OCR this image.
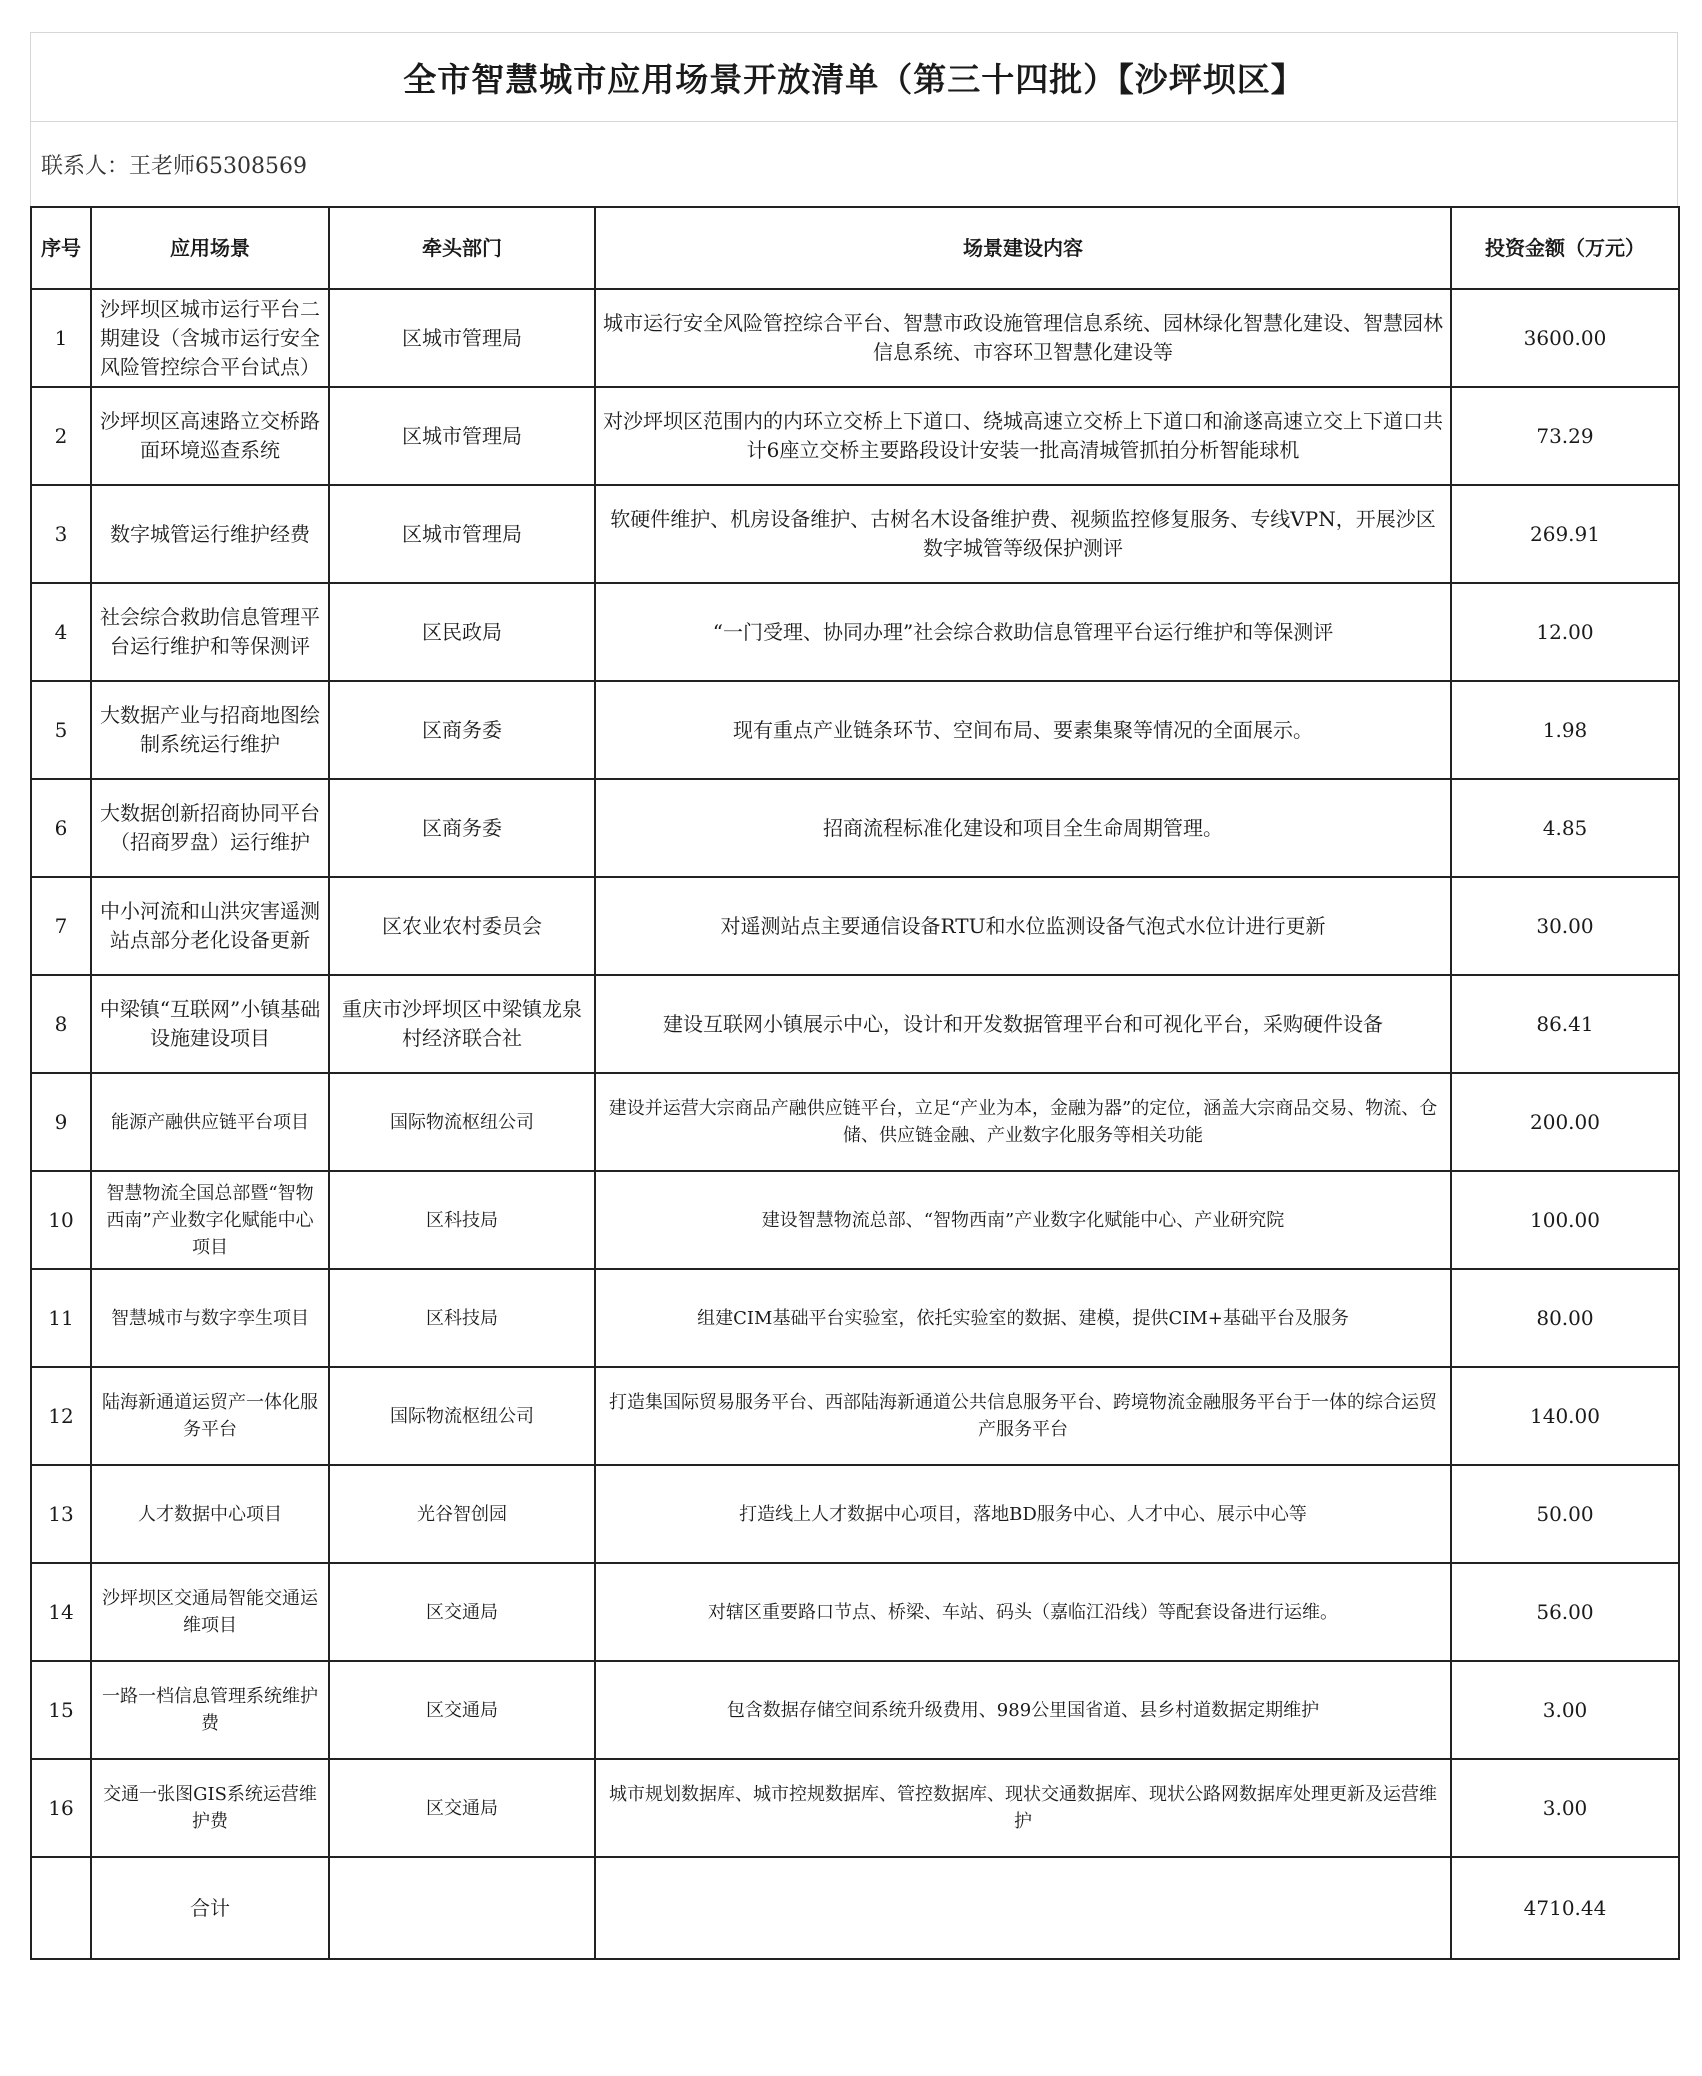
全市智慧城市应用场景开放清单（第三十四批）【沙坪坝区】
联系人：王老师65308569
序号	应用场景	牵头部门	场景建设内容	投资金额（万元）
1	沙坪坝区城市运行平台二期建设（含城市运行安全风险管控综合平台试点）	区城市管理局	城市运行安全风险管控综合平台、智慧市政设施管理信息系统、园林绿化智慧化建设、智慧园林信息系统、市容环卫智慧化建设等	3600.00
2	沙坪坝区高速路立交桥路面环境巡查系统	区城市管理局	对沙坪坝区范围内的内环立交桥上下道口、绕城高速立交桥上下道口和渝遂高速立交上下道口共计6座立交桥主要路段设计安装一批高清城管抓拍分析智能球机	73.29
3	数字城管运行维护经费	区城市管理局	软硬件维护、机房设备维护、古树名木设备维护费、视频监控修复服务、专线VPN，开展沙区数字城管等级保护测评	269.91
4	社会综合救助信息管理平台运行维护和等保测评	区民政局	“一门受理、协同办理”社会综合救助信息管理平台运行维护和等保测评	12.00
5	大数据产业与招商地图绘制系统运行维护	区商务委	现有重点产业链条环节、空间布局、要素集聚等情况的全面展示。	1.98
6	大数据创新招商协同平台（招商罗盘）运行维护	区商务委	招商流程标准化建设和项目全生命周期管理。	4.85
7	中小河流和山洪灾害遥测站点部分老化设备更新	区农业农村委员会	对遥测站点主要通信设备RTU和水位监测设备气泡式水位计进行更新	30.00
8	中梁镇“互联网”小镇基础设施建设项目	重庆市沙坪坝区中梁镇龙泉村经济联合社	建设互联网小镇展示中心，设计和开发数据管理平台和可视化平台，采购硬件设备	86.41
9	能源产融供应链平台项目	国际物流枢纽公司	建设并运营大宗商品产融供应链平台，立足“产业为本，金融为器”的定位，涵盖大宗商品交易、物流、仓储、供应链金融、产业数字化服务等相关功能	200.00
10	智慧物流全国总部暨“智物西南”产业数字化赋能中心项目	区科技局	建设智慧物流总部、“智物西南”产业数字化赋能中心、产业研究院	100.00
11	智慧城市与数字孪生项目	区科技局	组建CIM基础平台实验室，依托实验室的数据、建模，提供CIM+基础平台及服务	80.00
12	陆海新通道运贸产一体化服务平台	国际物流枢纽公司	打造集国际贸易服务平台、西部陆海新通道公共信息服务平台、跨境物流金融服务平台于一体的综合运贸产服务平台	140.00
13	人才数据中心项目	光谷智创园	打造线上人才数据中心项目，落地BD服务中心、人才中心、展示中心等	50.00
14	沙坪坝区交通局智能交通运维项目	区交通局	对辖区重要路口节点、桥梁、车站、码头（嘉临江沿线）等配套设备进行运维。	56.00
15	一路一档信息管理系统维护费	区交通局	包含数据存储空间系统升级费用、989公里国省道、县乡村道数据定期维护	3.00
16	交通一张图GIS系统运营维护费	区交通局	城市规划数据库、城市控规数据库、管控数据库、现状交通数据库、现状公路网数据库处理更新及运营维护	3.00
	合计			4710.44
